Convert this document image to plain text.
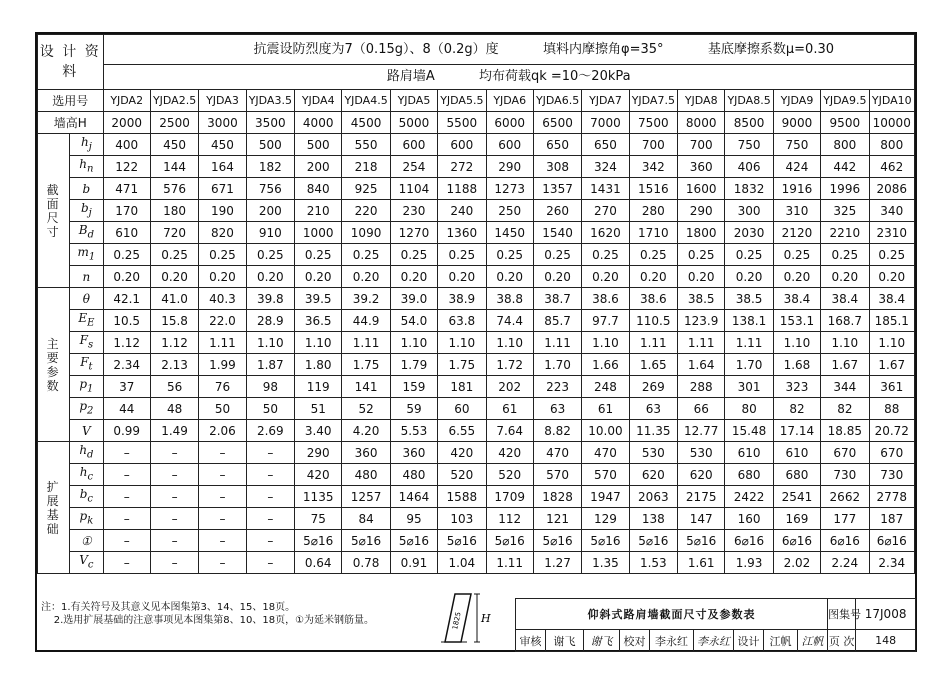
设 计 资 料		抗震设防烈度为7（0.15g）、8（0.2g）度 填料内摩擦角φ=35° 基底摩擦系数μ=0.30																

		路肩墙A 均布荷载qk =10～20kPa																
选用号		YJDA2	YJDA2.5	YJDA3	YJDA3.5	YJDA4	YJDA4.5	YJDA5	YJDA5.5	YJDA6	YJDA6.5	YJDA7	YJDA7.5	YJDA8	YJDA8.5	YJDA9	YJDA9.5	YJDA10
墙高H		2000	2500	3000	3500	4000	4500	5000	5500	6000	6500	7000	7500	8000	8500	9000	9500	10000
截面尺寸	$h_j$	400	450	450	500	500	550	600	600	600	650	650	700	700	750	750	800	800
	$h_n$	122	144	164	182	200	218	254	272	290	308	324	342	360	406	424	442	462
	b	471	576	671	756	840	925	1104	1188	1273	1357	1431	1516	1600	1832	1916	1996	2086
	$b_j$	170	180	190	200	210	220	230	240	250	260	270	280	290	300	310	325	340
	$B_d$	610	720	820	910	1000	1090	1270	1360	1450	1540	1620	1710	1800	2030	2120	2210	2310
	$m_1$	0.25	0.25	0.25	0.25	0.25	0.25	0.25	0.25	0.25	0.25	0.25	0.25	0.25	0.25	0.25	0.25	0.25
	n	0.20	0.20	0.20	0.20	0.20	0.20	0.20	0.20	0.20	0.20	0.20	0.20	0.20	0.20	0.20	0.20	0.20
主要参数	θ	42.1	41.0	40.3	39.8	39.5	39.2	39.0	38.9	38.8	38.7	38.6	38.6	38.5	38.5	38.4	38.4	38.4
	$E_E$	10.5	15.8	22.0	28.9	36.5	44.9	54.0	63.8	74.4	85.7	97.7	110.5	123.9	138.1	153.1	168.7	185.1
	$F_s$	1.12	1.12	1.11	1.10	1.10	1.11	1.10	1.10	1.10	1.11	1.10	1.11	1.11	1.11	1.10	1.10	1.10
	$F_t$	2.34	2.13	1.99	1.87	1.80	1.75	1.79	1.75	1.72	1.70	1.66	1.65	1.64	1.70	1.68	1.67	1.67
	$p_1$	37	56	76	98	119	141	159	181	202	223	248	269	288	301	323	344	361
	$p_2$	44	48	50	50	51	52	59	60	61	63	61	63	66	80	82	82	88
	V	0.99	1.49	2.06	2.69	3.40	4.20	5.53	6.55	7.64	8.82	10.00	11.35	12.77	15.48	17.14	18.85	20.72
扩展基础	$h_d$	–	–	–	–	290	360	360	420	420	470	470	530	530	610	610	670	670
	$h_c$	–	–	–	–	420	480	480	520	520	570	570	620	620	680	680	730	730
	$b_c$	–	–	–	–	1135	1257	1464	1588	1709	1828	1947	2063	2175	2422	2541	2662	2778
	$p_k$	–	–	–	–	75	84	95	103	112	121	129	138	147	160	169	177	187
	①	–	–	–	–	5⌀16	5⌀16	5⌀16	5⌀16	5⌀16	5⌀16	5⌀16	5⌀16	5⌀16	6⌀16	6⌀16	6⌀16	6⌀16
	$V_c$	–	–	–	–	0.64	0.78	0.91	1.04	1.11	1.27	1.35	1.53	1.61	1.93	2.02	2.24	2.34
注：1.有关符号及其意义见本图集第3、14、15、18页。
2.选用扩展基础的注意事项见本图集第8、10、18页，①为延米钢筋量。	H
1825	仰斜式路肩墙截面尺寸及参数表									图集号	17J008
审核	谢飞	谢飞	校对	李永红	李永红	设计	江帆	江帆	页 次	148
